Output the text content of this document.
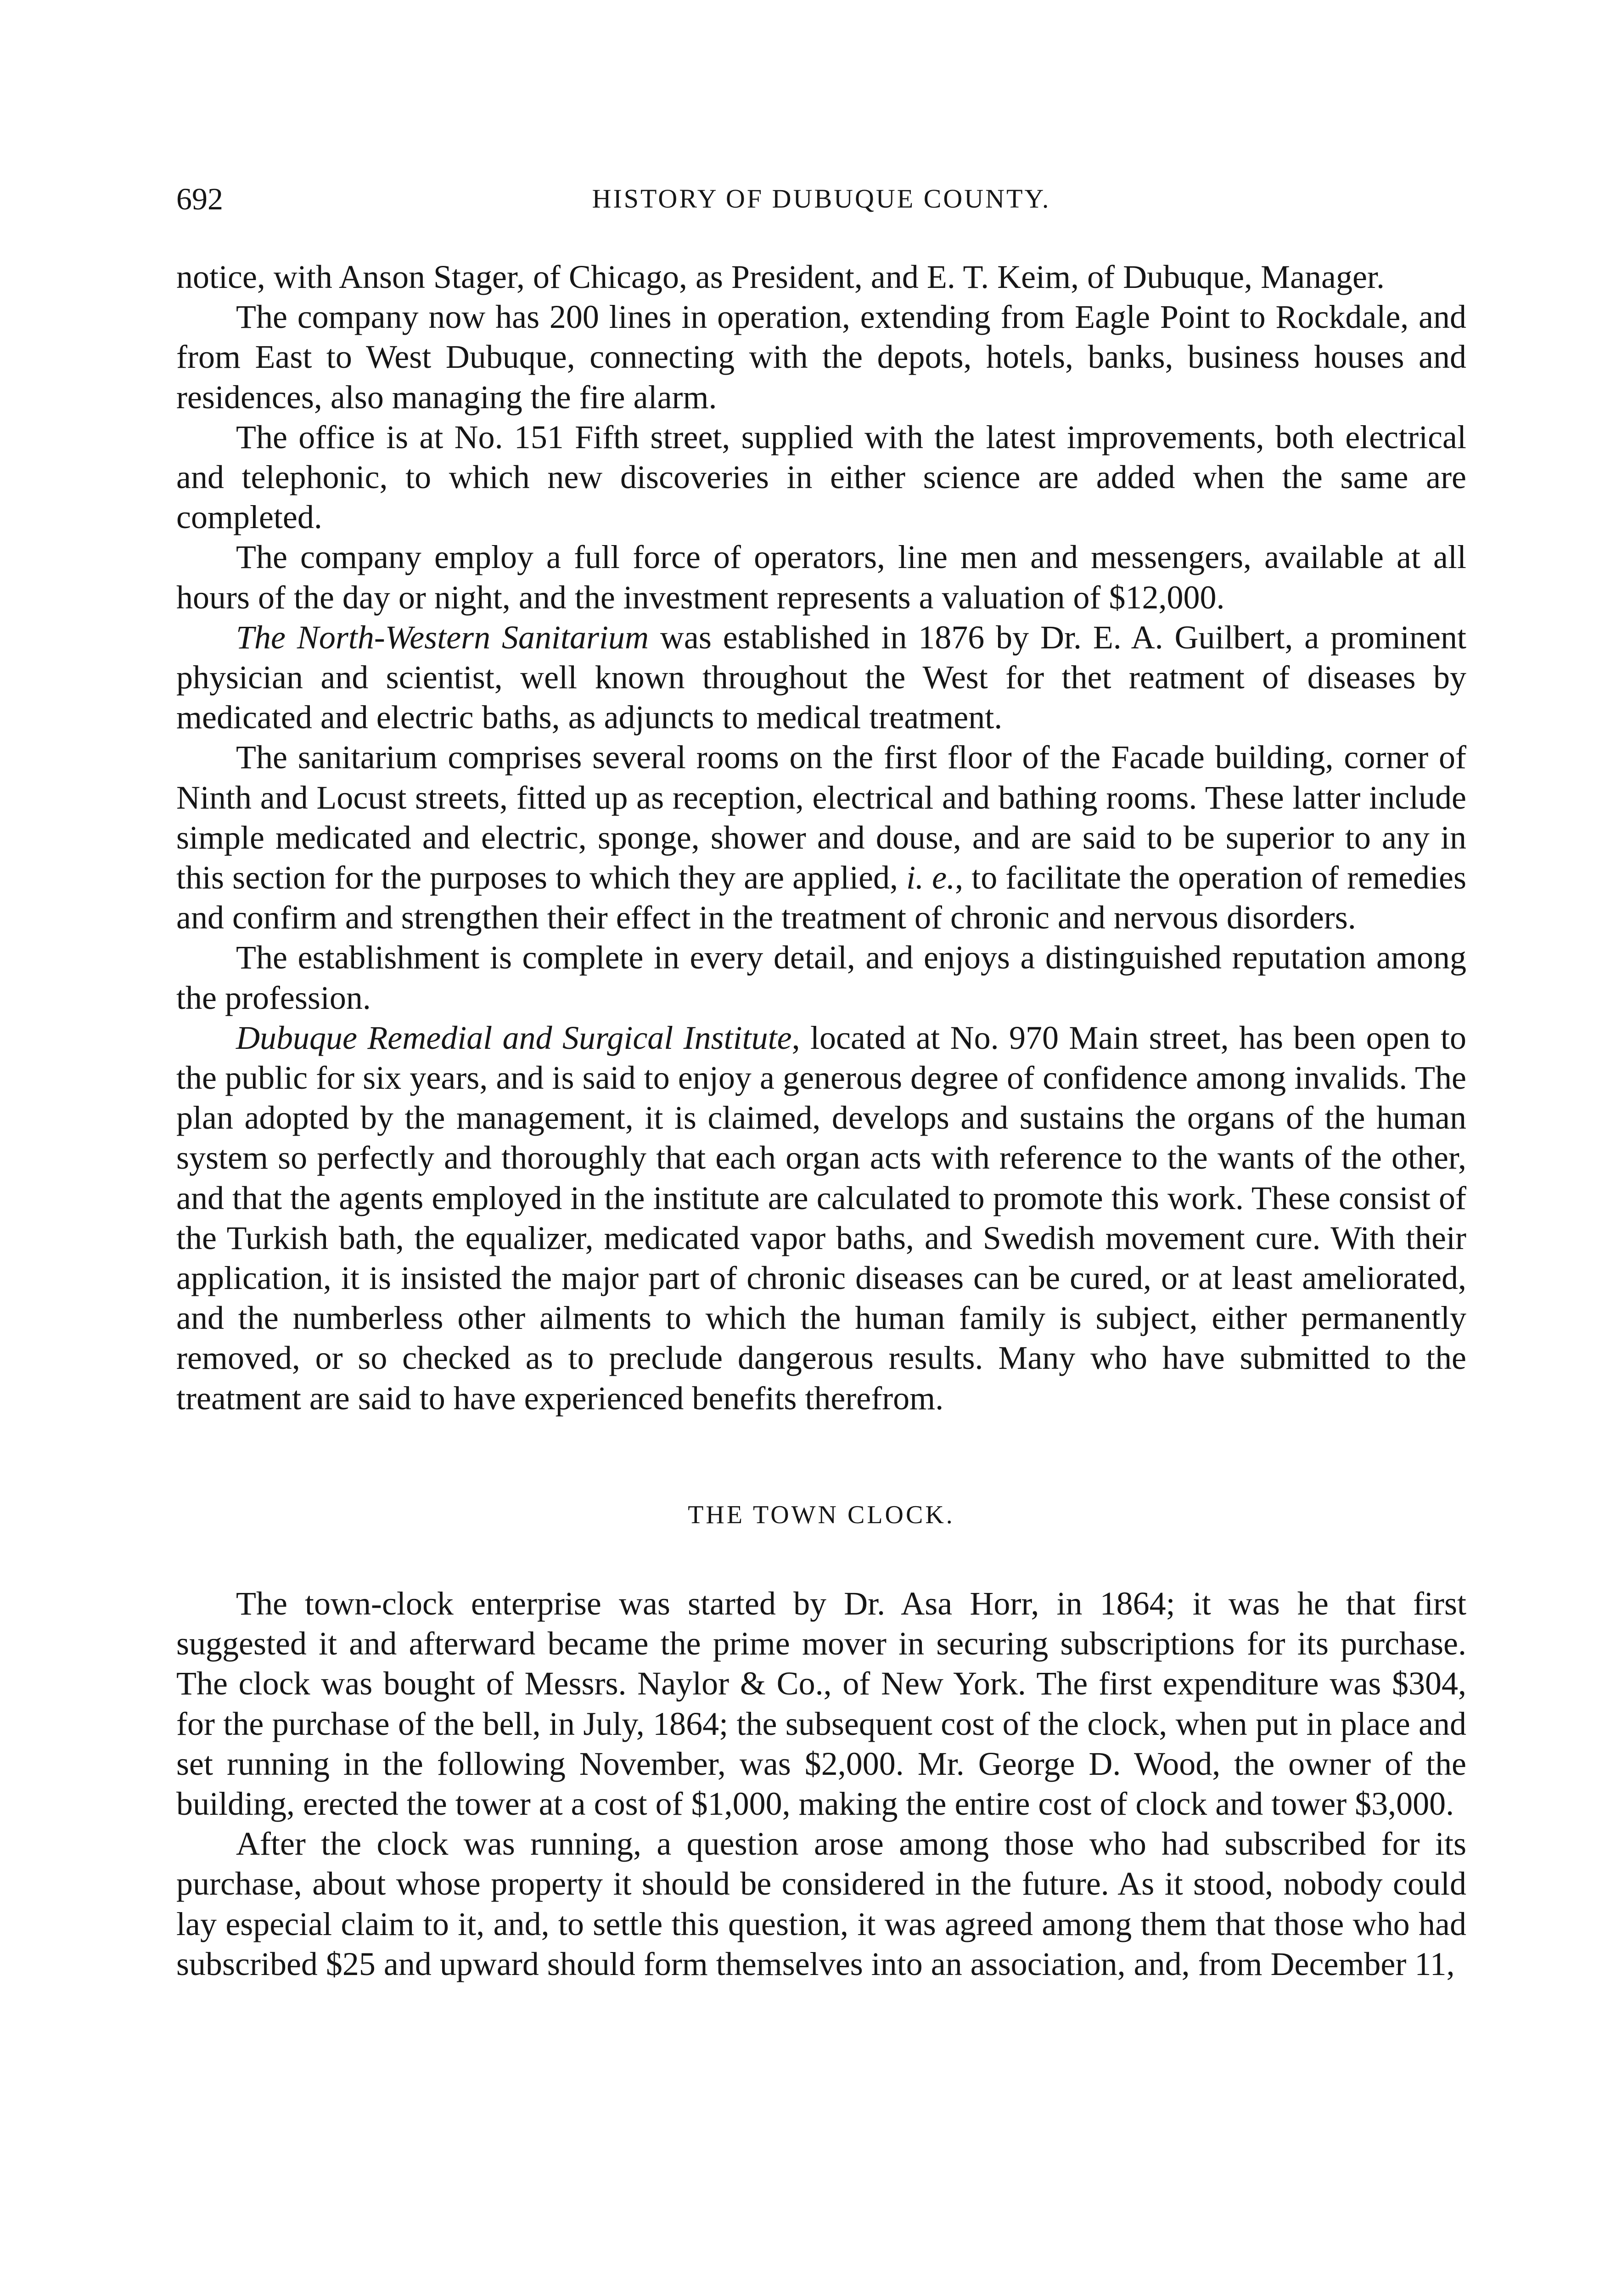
692	HISTORY OF DUBUQUE COUNTY.

notice, with Anson Stager, of Chicago, as President, and E. T. Keim, of Dubuque, Manager.

The company now has 200 lines in operation, extending from Eagle Point to Rockdale, and from East to West Dubuque, connecting with the depots, hotels, banks, business houses and residences, also managing the fire alarm.

The office is at No. 151 Fifth street, supplied with the latest improvements, both electrical and telephonic, to which new discoveries in either science are added when the same are completed.

The company employ a full force of operators, line men and messengers, available at all hours of the day or night, and the investment represents a valuation of $12,000.

The North-Western Sanitarium was established in 1876 by Dr. E. A. Guilbert, a prominent physician and scientist, well known throughout the West for thet reatment of diseases by medicated and electric baths, as adjuncts to medical treatment.

The sanitarium comprises several rooms on the first floor of the Facade building, corner of Ninth and Locust streets, fitted up as reception, electrical and bathing rooms. These latter include simple medicated and electric, sponge, shower and douse, and are said to be superior to any in this section for the purposes to which they are applied, i. e., to facilitate the operation of remedies and confirm and strengthen their effect in the treatment of chronic and nervous disorders.

The establishment is complete in every detail, and enjoys a distinguished reputation among the profession.

Dubuque Remedial and Surgical Institute, located at No. 970 Main street, has been open to the public for six years, and is said to enjoy a generous degree of confidence among invalids. The plan adopted by the management, it is claimed, develops and sustains the organs of the human system so perfectly and thoroughly that each organ acts with reference to the wants of the other, and that the agents employed in the institute are calculated to promote this work. These consist of the Turkish bath, the equalizer, medicated vapor baths, and Swedish movement cure. With their application, it is insisted the major part of chronic diseases can be cured, or at least ameliorated, and the numberless other ailments to which the human family is subject, either permanently removed, or so checked as to preclude dangerous results. Many who have submitted to the treatment are said to have experienced benefits therefrom.

THE TOWN CLOCK.

The town-clock enterprise was started by Dr. Asa Horr, in 1864; it was he that first suggested it and afterward became the prime mover in securing subscriptions for its purchase. The clock was bought of Messrs. Naylor & Co., of New York. The first expenditure was $304, for the purchase of the bell, in July, 1864; the subsequent cost of the clock, when put in place and set running in the following November, was $2,000. Mr. George D. Wood, the owner of the building, erected the tower at a cost of $1,000, making the entire cost of clock and tower $3,000.

After the clock was running, a question arose among those who had subscribed for its purchase, about whose property it should be considered in the future. As it stood, nobody could lay especial claim to it, and, to settle this question, it was agreed among them that those who had subscribed $25 and upward should form themselves into an association, and, from December 11,
